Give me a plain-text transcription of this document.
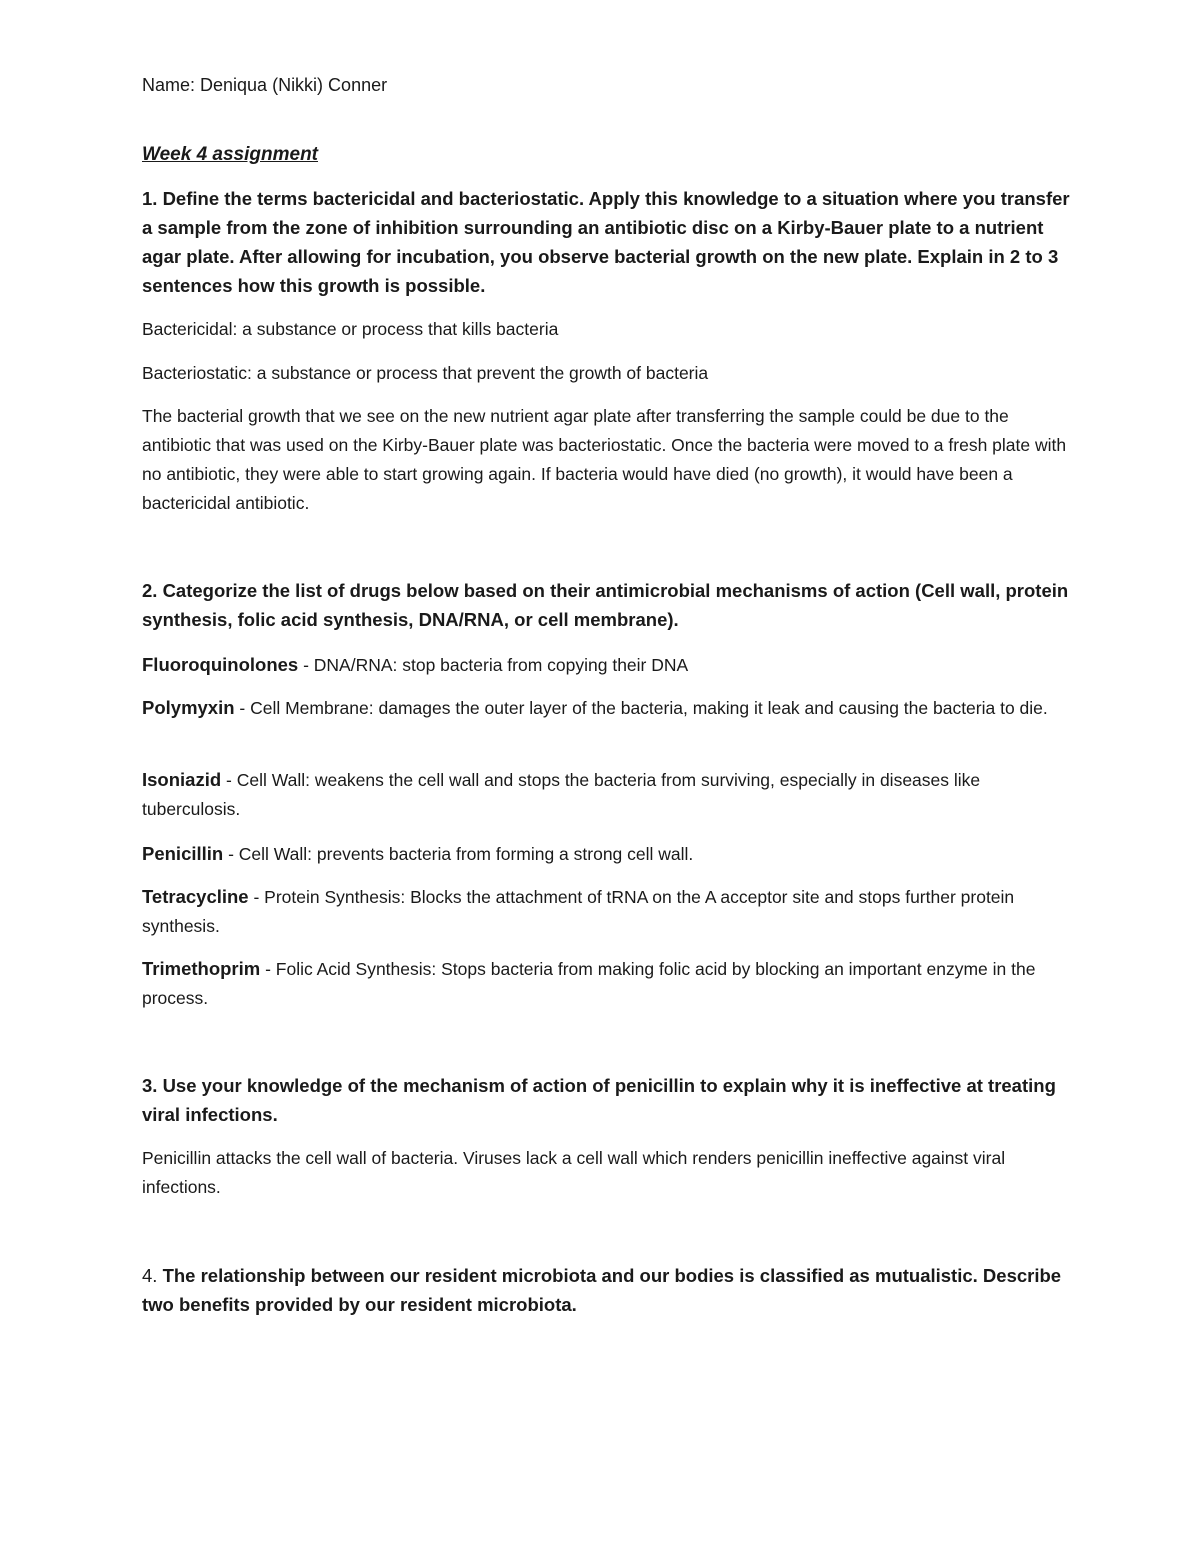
Name: Deniqua (Nikki) Conner
Week 4 assignment

1. Define the terms bactericidal and bacteriostatic. Apply this knowledge to a situation where you transfer a sample from the zone of inhibition surrounding an antibiotic disc on a Kirby-Bauer plate to a nutrient agar plate. After allowing for incubation, you observe bacterial growth on the new plate. Explain in 2 to 3 sentences how this growth is possible.

Bactericidal: a substance or process that kills bacteria

Bacteriostatic: a substance or process that prevent the growth of bacteria

The bacterial growth that we see on the new nutrient agar plate after transferring the sample could be due to the antibiotic that was used on the Kirby-Bauer plate was bacteriostatic. Once the bacteria were moved to a fresh plate with no antibiotic, they were able to start growing again. If bacteria would have died (no growth), it would have been a bactericidal antibiotic.

2. Categorize the list of drugs below based on their antimicrobial mechanisms of action (Cell wall, protein synthesis, folic acid synthesis, DNA/RNA, or cell membrane).

Fluoroquinolones - DNA/RNA: stop bacteria from copying their DNA

Polymyxin - Cell Membrane: damages the outer layer of the bacteria, making it leak and causing the bacteria to die.

Isoniazid - Cell Wall: weakens the cell wall and stops the bacteria from surviving, especially in diseases like tuberculosis.

Penicillin - Cell Wall: prevents bacteria from forming a strong cell wall.

Tetracycline - Protein Synthesis: Blocks the attachment of tRNA on the A acceptor site and stops further protein synthesis.

Trimethoprim - Folic Acid Synthesis: Stops bacteria from making folic acid by blocking an important enzyme in the process.

3. Use your knowledge of the mechanism of action of penicillin to explain why it is ineffective at treating viral infections.

Penicillin attacks the cell wall of bacteria. Viruses lack a cell wall which renders penicillin ineffective against viral infections.

4. The relationship between our resident microbiota and our bodies is classified as mutualistic. Describe two benefits provided by our resident microbiota.
